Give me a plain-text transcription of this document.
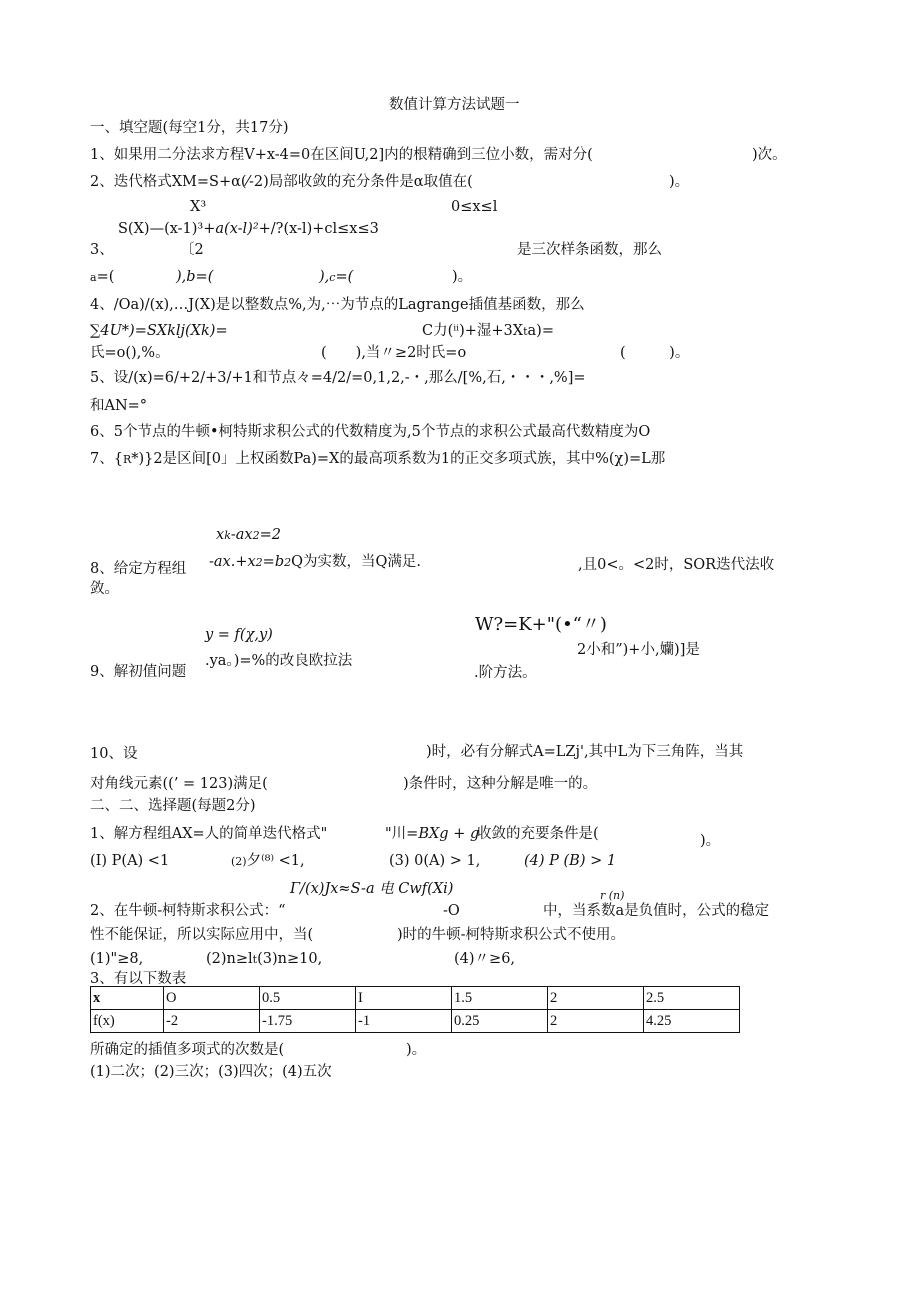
数值计算方法试题一
一、填空题(每空1分，共17分)
1、如果用二分法求方程V+x-4=0在区间U,2]内的根精确到三位小数，需对分(	)次。
2、迭代格式XM=S+α(⁄-2)局部收敛的充分条件是α取值在(	)。
X³	0≤x≤l
S(X)—(x-1)³+a(x-l)²+/?(x-l)+cl≤x≤3
3、	〔2	是三次样条函数，那么
a=(	),b=(	),c=(	)。
4、/Oa)/(x),…J(X)是以整数点%,为,⋯为节点的Lagrange插值基函数，那么
∑4U*)=SXklj(Xk)=	C力(ⁱⁱ)+湿+3Xta)=
氏=o(),%。	(　　),当〃≥2时氏=o	(　　　)。
5、设/(x)=6/+2/+3/+1和节点々=4/2/=0,1,2,-・,那么/[%,石,・・・,%]=
和AN=°
6、5个节点的牛顿•柯特斯求积公式的代数精度为,5个节点的求积公式最高代数精度为O
7、{R*)}2是区间[0」上权函数Pa)=X的最高项系数为1的正交多项式族，其中%(χ)=L那
xk-ax2=2
-ax.+x2=b2Q为实数，当Q满足.
8、给定方程组	,且0<。<2时，SOR迭代法收
敛。
y = f(χ,y)	W?=K+"(•“〃)
.ya。)=%的改良欧拉法
2小和”)+小,孏)]是
9、解初值问题	.阶方法。
10、设	)时，必有分解式A=LZj',其中L为下三角阵，当其
对角线元素((’ = 123)满足(	)条件时，这种分解是唯一的。
二、二、选择题(每题2分)
1、解方程组AX=人的简单迭代格式"	"川=BXg + g
收敛的充要条件是(	)。
(I) P(A) <1	(2)夕⁽⁸⁾ <1,	(3) 0(A) > 1,	(4) P (B) > 1
Γ/(x)Jx≈S-a 电 Cwf(Xi)	r (n)
2、在牛顿-柯特斯求积公式：“	-O	中，当系数a是负值时，公式的稳定
性不能保证，所以实际应用中，当(	)时的牛顿-柯特斯求积公式不使用。
(1)"≥8,	(2)n≥lt(3)n≥10,	(4)〃≥6,
3、有以下数表
x	O	0.5	I	1.5	2	2.5
f(x)	-2	-1.75	-1	0.25	2	4.25
所确定的插值多项式的次数是(	)。
(1)二次；(2)三次；(3)四次；(4)五次
